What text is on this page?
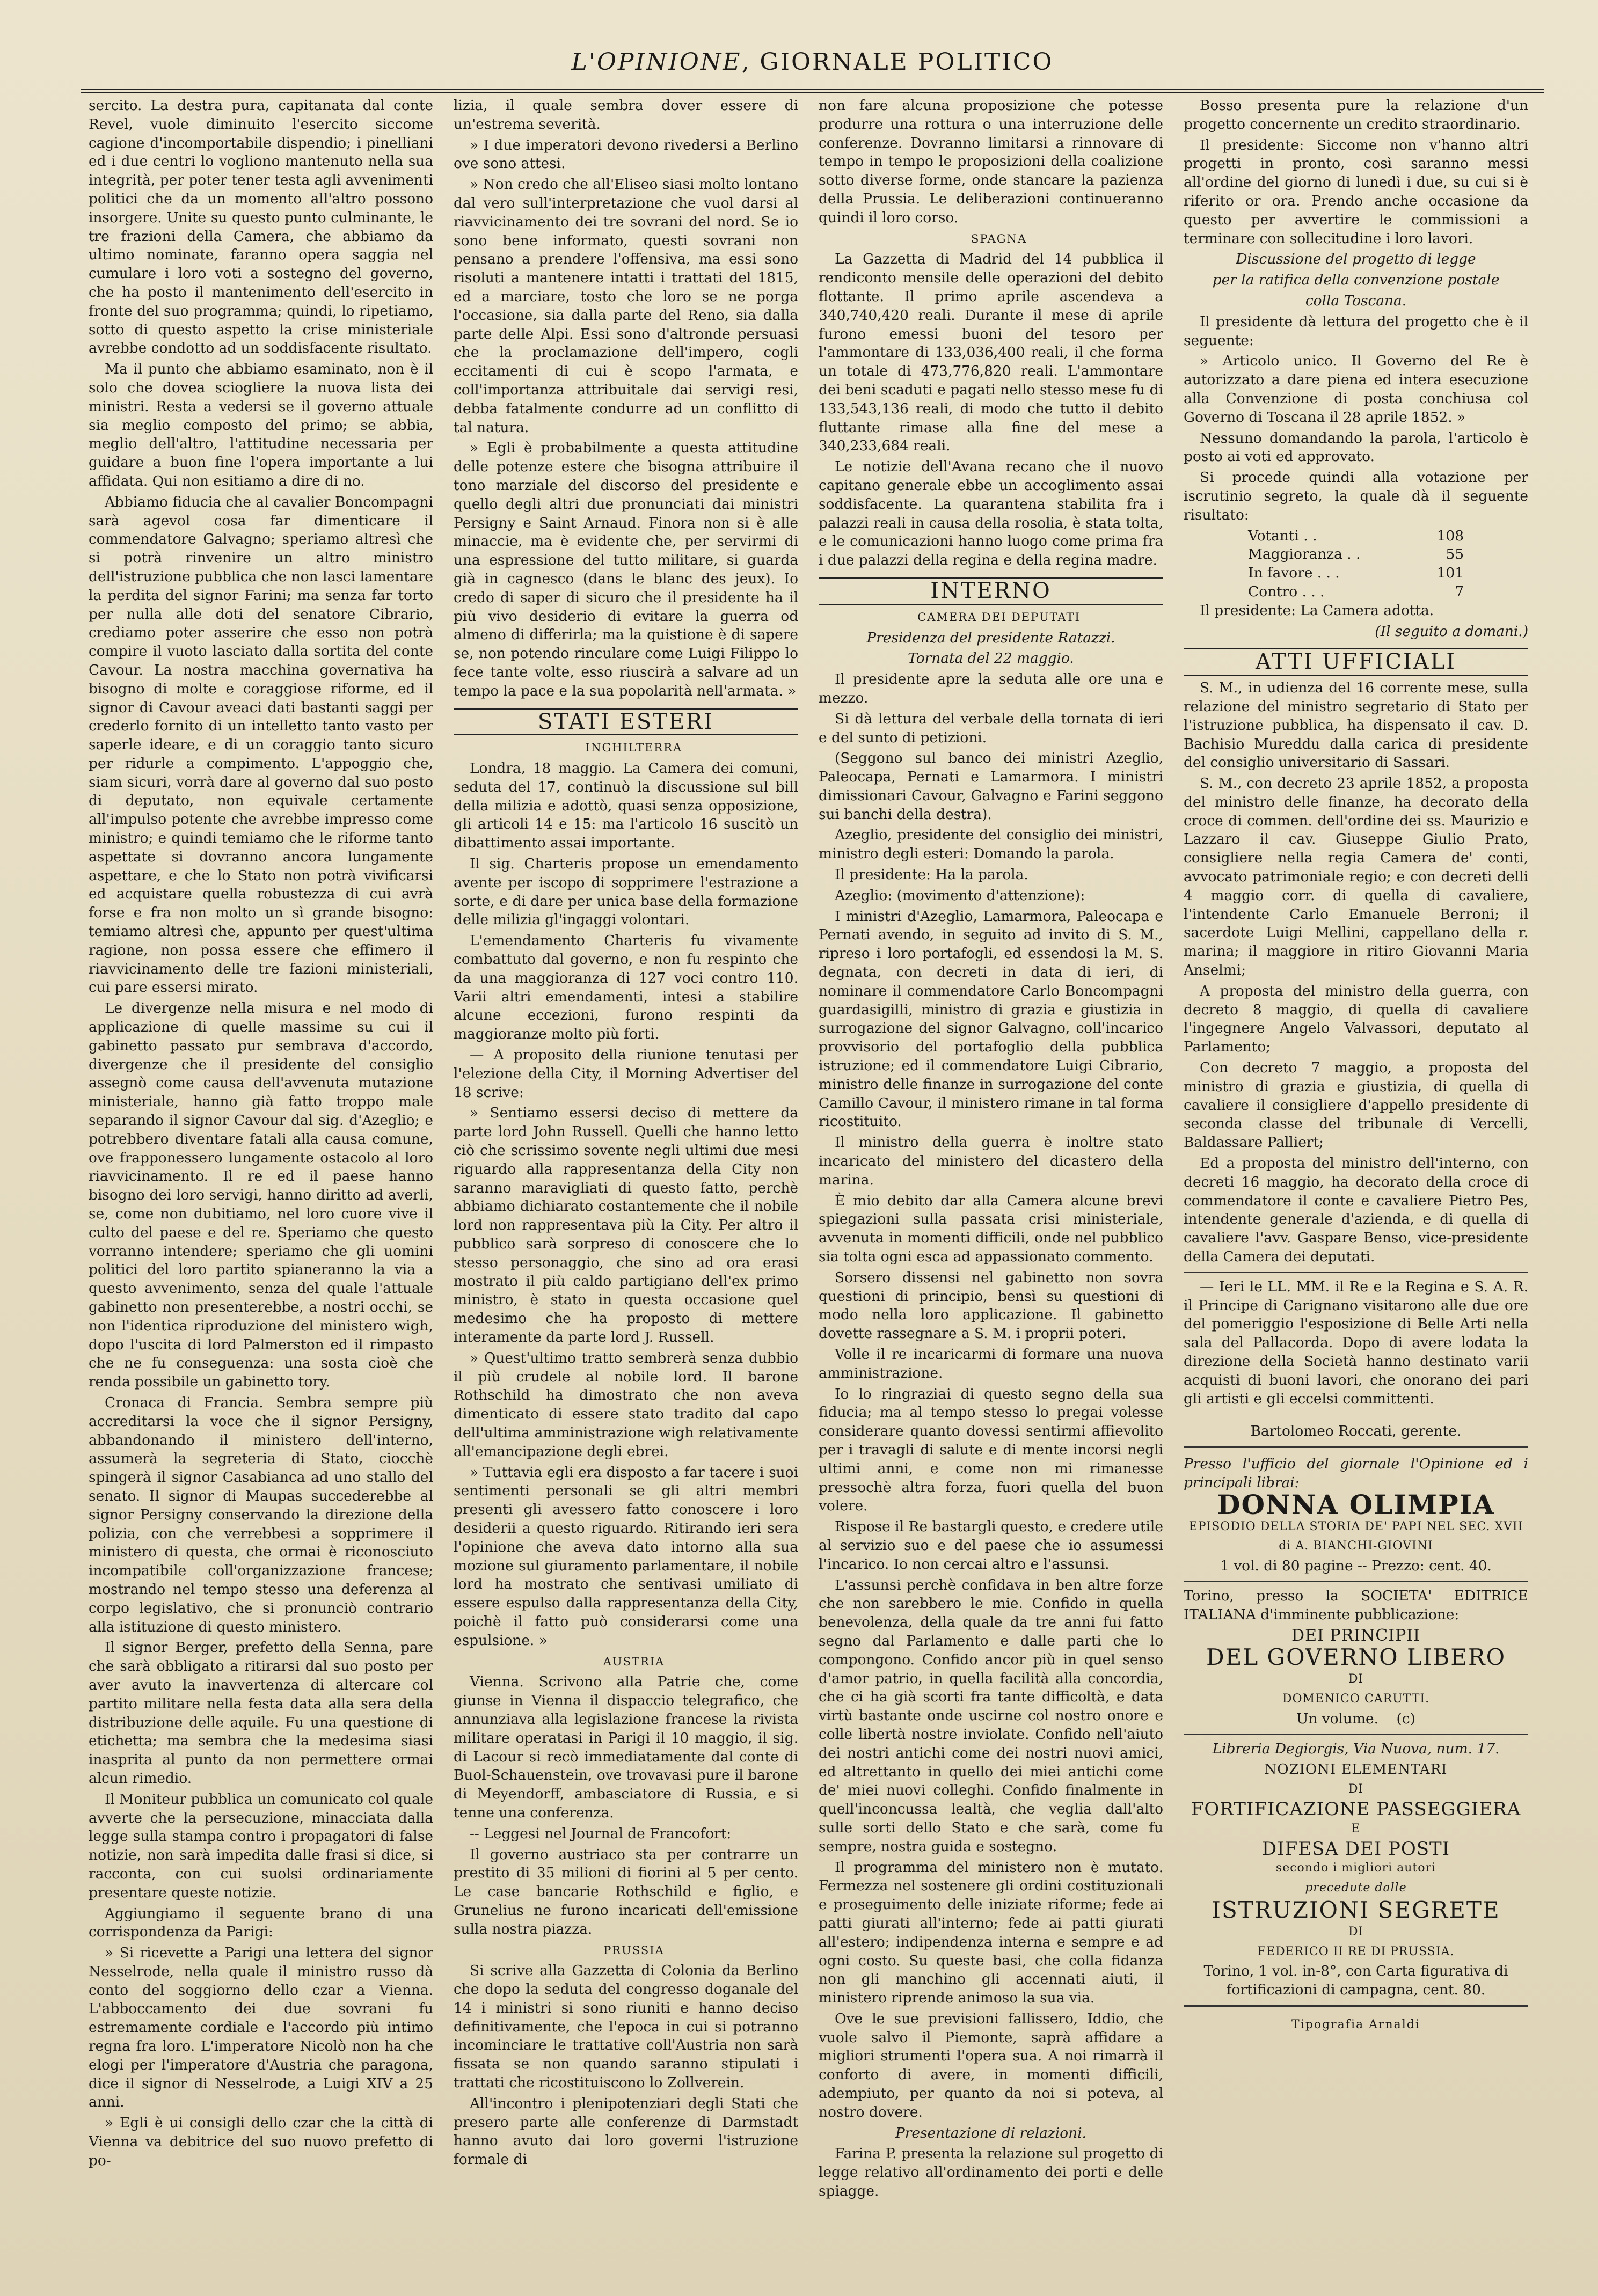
L'OPINIONE, GIORNALE POLITICO

sercito. La destra pura, capitanata dal conte Revel, vuole diminuito l'esercito siccome cagione d'incomportabile dispendio; i pinelliani ed i due centri lo vogliono mantenuto nella sua integrità, per poter tener testa agli avvenimenti politici che da un momento all'altro possono insorgere. Unite su questo punto culminante, le tre frazioni della Camera, che abbiamo da ultimo nominate, faranno opera saggia nel cumulare i loro voti a sostegno del governo, che ha posto il mantenimento dell'esercito in fronte del suo programma; quindi, lo ripetiamo, sotto di questo aspetto la crise ministeriale avrebbe condotto ad un soddisfacente risultato.

Ma il punto che abbiamo esaminato, non è il solo che dovea sciogliere la nuova lista dei ministri. Resta a vedersi se il governo attuale sia meglio composto del primo; se abbia, meglio dell'altro, l'attitudine necessaria per guidare a buon fine l'opera importante a lui affidata. Qui non esitiamo a dire di no.

Abbiamo fiducia che al cavalier Boncompagni sarà agevol cosa far dimenticare il commendatore Galvagno; speriamo altresì che si potrà rinvenire un altro ministro dell'istruzione pubblica che non lasci lamentare la perdita del signor Farini; ma senza far torto per nulla alle doti del senatore Cibrario, crediamo poter asserire che esso non potrà compire il vuoto lasciato dalla sortita del conte Cavour. La nostra macchina governativa ha bisogno di molte e coraggiose riforme, ed il signor di Cavour aveaci dati bastanti saggi per crederlo fornito di un intelletto tanto vasto per saperle ideare, e di un coraggio tanto sicuro per ridurle a compimento. L'appoggio che, siam sicuri, vorrà dare al governo dal suo posto di deputato, non equivale certamente all'impulso potente che avrebbe impresso come ministro; e quindi temiamo che le riforme tanto aspettate si dovranno ancora lungamente aspettare, e che lo Stato non potrà vivificarsi ed acquistare quella robustezza di cui avrà forse e fra non molto un sì grande bisogno: temiamo altresì che, appunto per quest'ultima ragione, non possa essere che effimero il riavvicinamento delle tre fazioni ministeriali, cui pare essersi mirato.

Le divergenze nella misura e nel modo di applicazione di quelle massime su cui il gabinetto passato pur sembrava d'accordo, divergenze che il presidente del consiglio assegnò come causa dell'avvenuta mutazione ministeriale, hanno già fatto troppo male separando il signor Cavour dal sig. d'Azeglio; e potrebbero diventare fatali alla causa comune, ove frapponessero lungamente ostacolo al loro riavvicinamento. Il re ed il paese hanno bisogno dei loro servigi, hanno diritto ad averli, se, come non dubitiamo, nel loro cuore vive il culto del paese e del re. Speriamo che questo vorranno intendere; speriamo che gli uomini politici del loro partito spianeranno la via a questo avvenimento, senza del quale l'attuale gabinetto non presenterebbe, a nostri occhi, se non l'identica riproduzione del ministero wigh, dopo l'uscita di lord Palmerston ed il rimpasto che ne fu conseguenza: una sosta cioè che renda possibile un gabinetto tory.

Cronaca di Francia. Sembra sempre più accreditarsi la voce che il signor Persigny, abbandonando il ministero dell'interno, assumerà la segreteria di Stato, ciocchè spingerà il signor Casabianca ad uno stallo del senato. Il signor di Maupas succederebbe al signor Persigny conservando la direzione della polizia, con che verrebbesi a sopprimere il ministero di questa, che ormai è riconosciuto incompatibile coll'organizzazione francese; mostrando nel tempo stesso una deferenza al corpo legislativo, che si pronunciò contrario alla istituzione di questo ministero.

Il signor Berger, prefetto della Senna, pare che sarà obbligato a ritirarsi dal suo posto per aver avuto la inavvertenza di altercare col partito militare nella festa data alla sera della distribuzione delle aquile. Fu una questione di etichetta; ma sembra che la medesima siasi inasprita al punto da non permettere ormai alcun rimedio.

Il Moniteur pubblica un comunicato col quale avverte che la persecuzione, minacciata dalla legge sulla stampa contro i propagatori di false notizie, non sarà impedita dalle frasi si dice, si racconta, con cui suolsi ordinariamente presentare queste notizie.

Aggiungiamo il seguente brano di una corrispondenza da Parigi:

» Si ricevette a Parigi una lettera del signor Nesselrode, nella quale il ministro russo dà conto del soggiorno dello czar a Vienna. L'abboccamento dei due sovrani fu estremamente cordiale e l'accordo più intimo regna fra loro. L'imperatore Nicolò non ha che elogi per l'imperatore d'Austria che paragona, dice il signor di Nesselrode, a Luigi XIV a 25 anni.

» Egli è ui consigli dello czar che la città di Vienna va debitrice del suo nuovo prefetto di po-

lizia, il quale sembra dover essere di un'estrema severità.

» I due imperatori devono rivedersi a Berlino ove sono attesi.

» Non credo che all'Eliseo siasi molto lontano dal vero sull'interpretazione che vuol darsi al riavvicinamento dei tre sovrani del nord. Se io sono bene informato, questi sovrani non pensano a prendere l'offensiva, ma essi sono risoluti a mantenere intatti i trattati del 1815, ed a marciare, tosto che loro se ne porga l'occasione, sia dalla parte del Reno, sia dalla parte delle Alpi. Essi sono d'altronde persuasi che la proclamazione dell'impero, cogli eccitamenti di cui è scopo l'armata, e coll'importanza attribuitale dai servigi resi, debba fatalmente condurre ad un conflitto di tal natura.

» Egli è probabilmente a questa attitudine delle potenze estere che bisogna attribuire il tono marziale del discorso del presidente e quello degli altri due pronunciati dai ministri Persigny e Saint Arnaud. Finora non si è alle minaccie, ma è evidente che, per servirmi di una espressione del tutto militare, si guarda già in cagnesco (dans le blanc des jeux). Io credo di saper di sicuro che il presidente ha il più vivo desiderio di evitare la guerra od almeno di differirla; ma la quistione è di sapere se, non potendo rinculare come Luigi Filippo lo fece tante volte, esso riuscirà a salvare ad un tempo la pace e la sua popolarità nell'armata. »

STATI ESTERI

INGHILTERRA

Londra, 18 maggio. La Camera dei comuni, seduta del 17, continuò la discussione sul bill della milizia e adottò, quasi senza opposizione, gli articoli 14 e 15: ma l'articolo 16 suscitò un dibattimento assai importante.

Il sig. Charteris propose un emendamento avente per iscopo di sopprimere l'estrazione a sorte, e di dare per unica base della formazione delle milizia gl'ingaggi volontari.

L'emendamento Charteris fu vivamente combattuto dal governo, e non fu respinto che da una maggioranza di 127 voci contro 110. Varii altri emendamenti, intesi a stabilire alcune eccezioni, furono respinti da maggioranze molto più forti.

— A proposito della riunione tenutasi per l'elezione della City, il Morning Advertiser del 18 scrive:

» Sentiamo essersi deciso di mettere da parte lord John Russell. Quelli che hanno letto ciò che scrissimo sovente negli ultimi due mesi riguardo alla rappresentanza della City non saranno maravigliati di questo fatto, perchè abbiamo dichiarato costantemente che il nobile lord non rappresentava più la City. Per altro il pubblico sarà sorpreso di conoscere che lo stesso personaggio, che sino ad ora erasi mostrato il più caldo partigiano dell'ex primo ministro, è stato in questa occasione quel medesimo che ha proposto di mettere interamente da parte lord J. Russell.

» Quest'ultimo tratto sembrerà senza dubbio il più crudele al nobile lord. Il barone Rothschild ha dimostrato che non aveva dimenticato di essere stato tradito dal capo dell'ultima amministrazione wigh relativamente all'emancipazione degli ebrei.

» Tuttavia egli era disposto a far tacere i suoi sentimenti personali se gli altri membri presenti gli avessero fatto conoscere i loro desiderii a questo riguardo. Ritirando ieri sera l'opinione che aveva dato intorno alla sua mozione sul giuramento parlamentare, il nobile lord ha mostrato che sentivasi umiliato di essere espulso dalla rappresentanza della City, poichè il fatto può considerarsi come una espulsione. »

AUSTRIA

Vienna. Scrivono alla Patrie che, come giunse in Vienna il dispaccio telegrafico, che annunziava alla legislazione francese la rivista militare operatasi in Parigi il 10 maggio, il sig. di Lacour si recò immediatamente dal conte di Buol-Schauenstein, ove trovavasi pure il barone di Meyendorff, ambasciatore di Russia, e si tenne una conferenza.

-- Leggesi nel Journal de Francofort:

Il governo austriaco sta per contrarre un prestito di 35 milioni di fiorini al 5 per cento. Le case bancarie Rothschild e figlio, e Grunelius ne furono incaricati dell'emissione sulla nostra piazza.

PRUSSIA

Si scrive alla Gazzetta di Colonia da Berlino che dopo la seduta del congresso doganale del 14 i ministri si sono riuniti e hanno deciso definitivamente, che l'epoca in cui si potranno incominciare le trattative coll'Austria non sarà fissata se non quando saranno stipulati i trattati che ricostituiscono lo Zollverein.

All'incontro i plenipotenziari degli Stati che presero parte alle conferenze di Darmstadt hanno avuto dai loro governi l'istruzione formale di

non fare alcuna proposizione che potesse produrre una rottura o una interruzione delle conferenze. Dovranno limitarsi a rinnovare di tempo in tempo le proposizioni della coalizione sotto diverse forme, onde stancare la pazienza della Prussia. Le deliberazioni continueranno quindi il loro corso.

SPAGNA

La Gazzetta di Madrid del 14 pubblica il rendiconto mensile delle operazioni del debito flottante. Il primo aprile ascendeva a 340,740,420 reali. Durante il mese di aprile furono emessi buoni del tesoro per l'ammontare di 133,036,400 reali, il che forma un totale di 473,776,820 reali. L'ammontare dei beni scaduti e pagati nello stesso mese fu di 133,543,136 reali, di modo che tutto il debito fluttante rimase alla fine del mese a 340,233,684 reali.

Le notizie dell'Avana recano che il nuovo capitano generale ebbe un accoglimento assai soddisfacente. La quarantena stabilita fra i palazzi reali in causa della rosolia, è stata tolta, e le comunicazioni hanno luogo come prima fra i due palazzi della regina e della regina madre.

INTERNO

CAMERA DEI DEPUTATI

Presidenza del presidente Ratazzi.

Tornata del 22 maggio.

Il presidente apre la seduta alle ore una e mezzo.

Si dà lettura del verbale della tornata di ieri e del sunto di petizioni.

(Seggono sul banco dei ministri Azeglio, Paleocapa, Pernati e Lamarmora. I ministri dimissionari Cavour, Galvagno e Farini seggono sui banchi della destra).

Azeglio, presidente del consiglio dei ministri, ministro degli esteri: Domando la parola.

Il presidente: Ha la parola.

Azeglio: (movimento d'attenzione):

I ministri d'Azeglio, Lamarmora, Paleocapa e Pernati avendo, in seguito ad invito di S. M., ripreso i loro portafogli, ed essendosi la M. S. degnata, con decreti in data di ieri, di nominare il commendatore Carlo Boncompagni guardasigilli, ministro di grazia e giustizia in surrogazione del signor Galvagno, coll'incarico provvisorio del portafoglio della pubblica istruzione; ed il commendatore Luigi Cibrario, ministro delle finanze in surrogazione del conte Camillo Cavour, il ministero rimane in tal forma ricostituito.

Il ministro della guerra è inoltre stato incaricato del ministero del dicastero della marina.

È mio debito dar alla Camera alcune brevi spiegazioni sulla passata crisi ministeriale, avvenuta in momenti difficili, onde nel pubblico sia tolta ogni esca ad appassionato commento.

Sorsero dissensi nel gabinetto non sovra questioni di principio, bensì su questioni di modo nella loro applicazione. Il gabinetto dovette rassegnare a S. M. i proprii poteri.

Volle il re incaricarmi di formare una nuova amministrazione.

Io lo ringraziai di questo segno della sua fiducia; ma al tempo stesso lo pregai volesse considerare quanto dovessi sentirmi affievolito per i travagli di salute e di mente incorsi negli ultimi anni, e come non mi rimanesse pressochè altra forza, fuori quella del buon volere.

Rispose il Re bastargli questo, e credere utile al servizio suo e del paese che io assumessi l'incarico. Io non cercai altro e l'assunsi.

L'assunsi perchè confidava in ben altre forze che non sarebbero le mie. Confido in quella benevolenza, della quale da tre anni fui fatto segno dal Parlamento e dalle parti che lo compongono. Confido ancor più in quel senso d'amor patrio, in quella facilità alla concordia, che ci ha già scorti fra tante difficoltà, e data virtù bastante onde uscirne col nostro onore e colle libertà nostre inviolate. Confido nell'aiuto dei nostri antichi come dei nostri nuovi amici, ed altrettanto in quello dei miei antichi come de' miei nuovi colleghi. Confido finalmente in quell'inconcussa lealtà, che veglia dall'alto sulle sorti dello Stato e che sarà, come fu sempre, nostra guida e sostegno.

Il programma del ministero non è mutato. Fermezza nel sostenere gli ordini costituzionali e proseguimento delle iniziate riforme; fede ai patti giurati all'interno; fede ai patti giurati all'estero; indipendenza interna e sempre e ad ogni costo. Su queste basi, che colla fidanza non gli manchino gli accennati aiuti, il ministero riprende animoso la sua via.

Ove le sue previsioni fallissero, Iddio, che vuole salvo il Piemonte, saprà affidare a migliori strumenti l'opera sua. A noi rimarrà il conforto di avere, in momenti difficili, adempiuto, per quanto da noi si poteva, al nostro dovere.

Presentazione di relazioni.

Farina P. presenta la relazione sul progetto di legge relativo all'ordinamento dei porti e delle spiagge.

Bosso presenta pure la relazione d'un progetto concernente un credito straordinario.

Il presidente: Siccome non v'hanno altri progetti in pronto, così saranno messi all'ordine del giorno di lunedì i due, su cui si è riferito or ora. Prendo anche occasione da questo per avvertire le commissioni a terminare con sollecitudine i loro lavori.

Discussione del progetto di legge

per la ratifica della convenzione postale

colla Toscana.

Il presidente dà lettura del progetto che è il seguente:

» Articolo unico. Il Governo del Re è autorizzato a dare piena ed intera esecuzione alla Convenzione di posta conchiusa col Governo di Toscana il 28 aprile 1852. »

Nessuno domandando la parola, l'articolo è posto ai voti ed approvato.

Si procede quindi alla votazione per iscrutinio segreto, la quale dà il seguente risultato:

Votanti . .	108
Maggioranza . .	55
In favore . . .	101
Contro . . .	7

Il presidente: La Camera adotta.

(Il seguito a domani.)

ATTI UFFICIALI

S. M., in udienza del 16 corrente mese, sulla relazione del ministro segretario di Stato per l'istruzione pubblica, ha dispensato il cav. D. Bachisio Mureddu dalla carica di presidente del consiglio universitario di Sassari.

S. M., con decreto 23 aprile 1852, a proposta del ministro delle finanze, ha decorato della croce di commen. dell'ordine dei ss. Maurizio e Lazzaro il cav. Giuseppe Giulio Prato, consigliere nella regia Camera de' conti, avvocato patrimoniale regio; e con decreti delli 4 maggio corr. di quella di cavaliere, l'intendente Carlo Emanuele Berroni; il sacerdote Luigi Mellini, cappellano della r. marina; il maggiore in ritiro Giovanni Maria Anselmi;

A proposta del ministro della guerra, con decreto 8 maggio, di quella di cavaliere l'ingegnere Angelo Valvassori, deputato al Parlamento;

Con decreto 7 maggio, a proposta del ministro di grazia e giustizia, di quella di cavaliere il consigliere d'appello presidente di seconda classe del tribunale di Vercelli, Baldassare Palliert;

Ed a proposta del ministro dell'interno, con decreti 16 maggio, ha decorato della croce di commendatore il conte e cavaliere Pietro Pes, intendente generale d'azienda, e di quella di cavaliere l'avv. Gaspare Benso, vice-presidente della Camera dei deputati.

— Ieri le LL. MM. il Re e la Regina e S. A. R. il Principe di Carignano visitarono alle due ore del pomeriggio l'esposizione di Belle Arti nella sala del Pallacorda. Dopo di avere lodata la direzione della Società hanno destinato varii acquisti di buoni lavori, che onorano dei pari gli artisti e gli eccelsi committenti.

Bartolomeo Roccati, gerente.

Presso l'ufficio del giornale l'Opinione ed i principali librai:

DONNA OLIMPIA
EPISODIO DELLA STORIA DE' PAPI NEL SEC. XVII
di A. BIANCHI-GIOVINI

1 vol. di 80 pagine -- Prezzo: cent. 40.

Torino, presso la SOCIETA' EDITRICE ITALIANA d'imminente pubblicazione:

DEI PRINCIPII
DEL GOVERNO LIBERO
DI
DOMENICO CARUTTI.

Un volume. (c)

Libreria Degiorgis, Via Nuova, num. 17.

NOZIONI ELEMENTARI
DI
FORTIFICAZIONE PASSEGGIERA
E
DIFESA DEI POSTI
secondo i migliori autori
precedute dalle
ISTRUZIONI SEGRETE
DI
FEDERICO II RE DI PRUSSIA.

Torino, 1 vol. in-8°, con Carta figurativa di fortificazioni di campagna, cent. 80.

Tipografia Arnaldi
